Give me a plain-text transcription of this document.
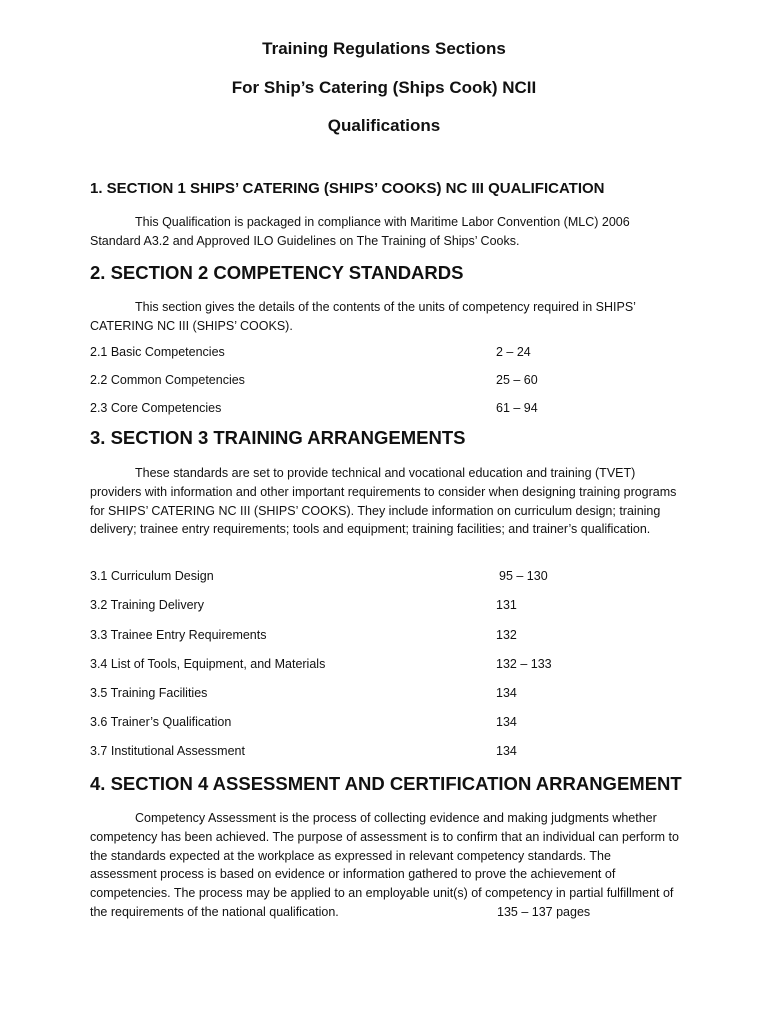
Training Regulations Sections
For Ship’s Catering (Ships Cook) NCII
Qualifications
1. SECTION 1 SHIPS’ CATERING (SHIPS’ COOKS) NC III QUALIFICATION

This Qualification is packaged in compliance with Maritime Labor Convention (MLC) 2006 Standard A3.2 and Approved ILO Guidelines on The Training of Ships’ Cooks.

2. SECTION 2 COMPETENCY STANDARDS

This section gives the details of the contents of the units of competency required in SHIPS’ CATERING NC III (SHIPS’ COOKS).

2.1 Basic Competencies	2 – 24
2.2 Common Competencies	25 – 60
2.3 Core Competencies	61 – 94
3. SECTION 3 TRAINING ARRANGEMENTS

These standards are set to provide technical and vocational education and training (TVET) providers with information and other important requirements to consider when designing training programs for SHIPS’ CATERING NC III (SHIPS’ COOKS). They include information on curriculum design; training delivery; trainee entry requirements; tools and equipment; training facilities; and trainer’s qualification.

3.1 Curriculum Design	95 – 130
3.2 Training Delivery	131
3.3 Trainee Entry Requirements	132
3.4 List of Tools, Equipment, and Materials	132 – 133
3.5 Training Facilities	134
3.6 Trainer’s Qualification	134
3.7 Institutional Assessment	134
4. SECTION 4 ASSESSMENT AND CERTIFICATION ARRANGEMENT

Competency Assessment is the process of collecting evidence and making judgments whether competency has been achieved. The purpose of assessment is to confirm that an individual can perform to the standards expected at the workplace as expressed in relevant competency standards. The assessment process is based on evidence or information gathered to prove the achievement of competencies. The process may be applied to an employable unit(s) of competency in partial fulfillment of the requirements of the national qualification.	135 – 137 pages
